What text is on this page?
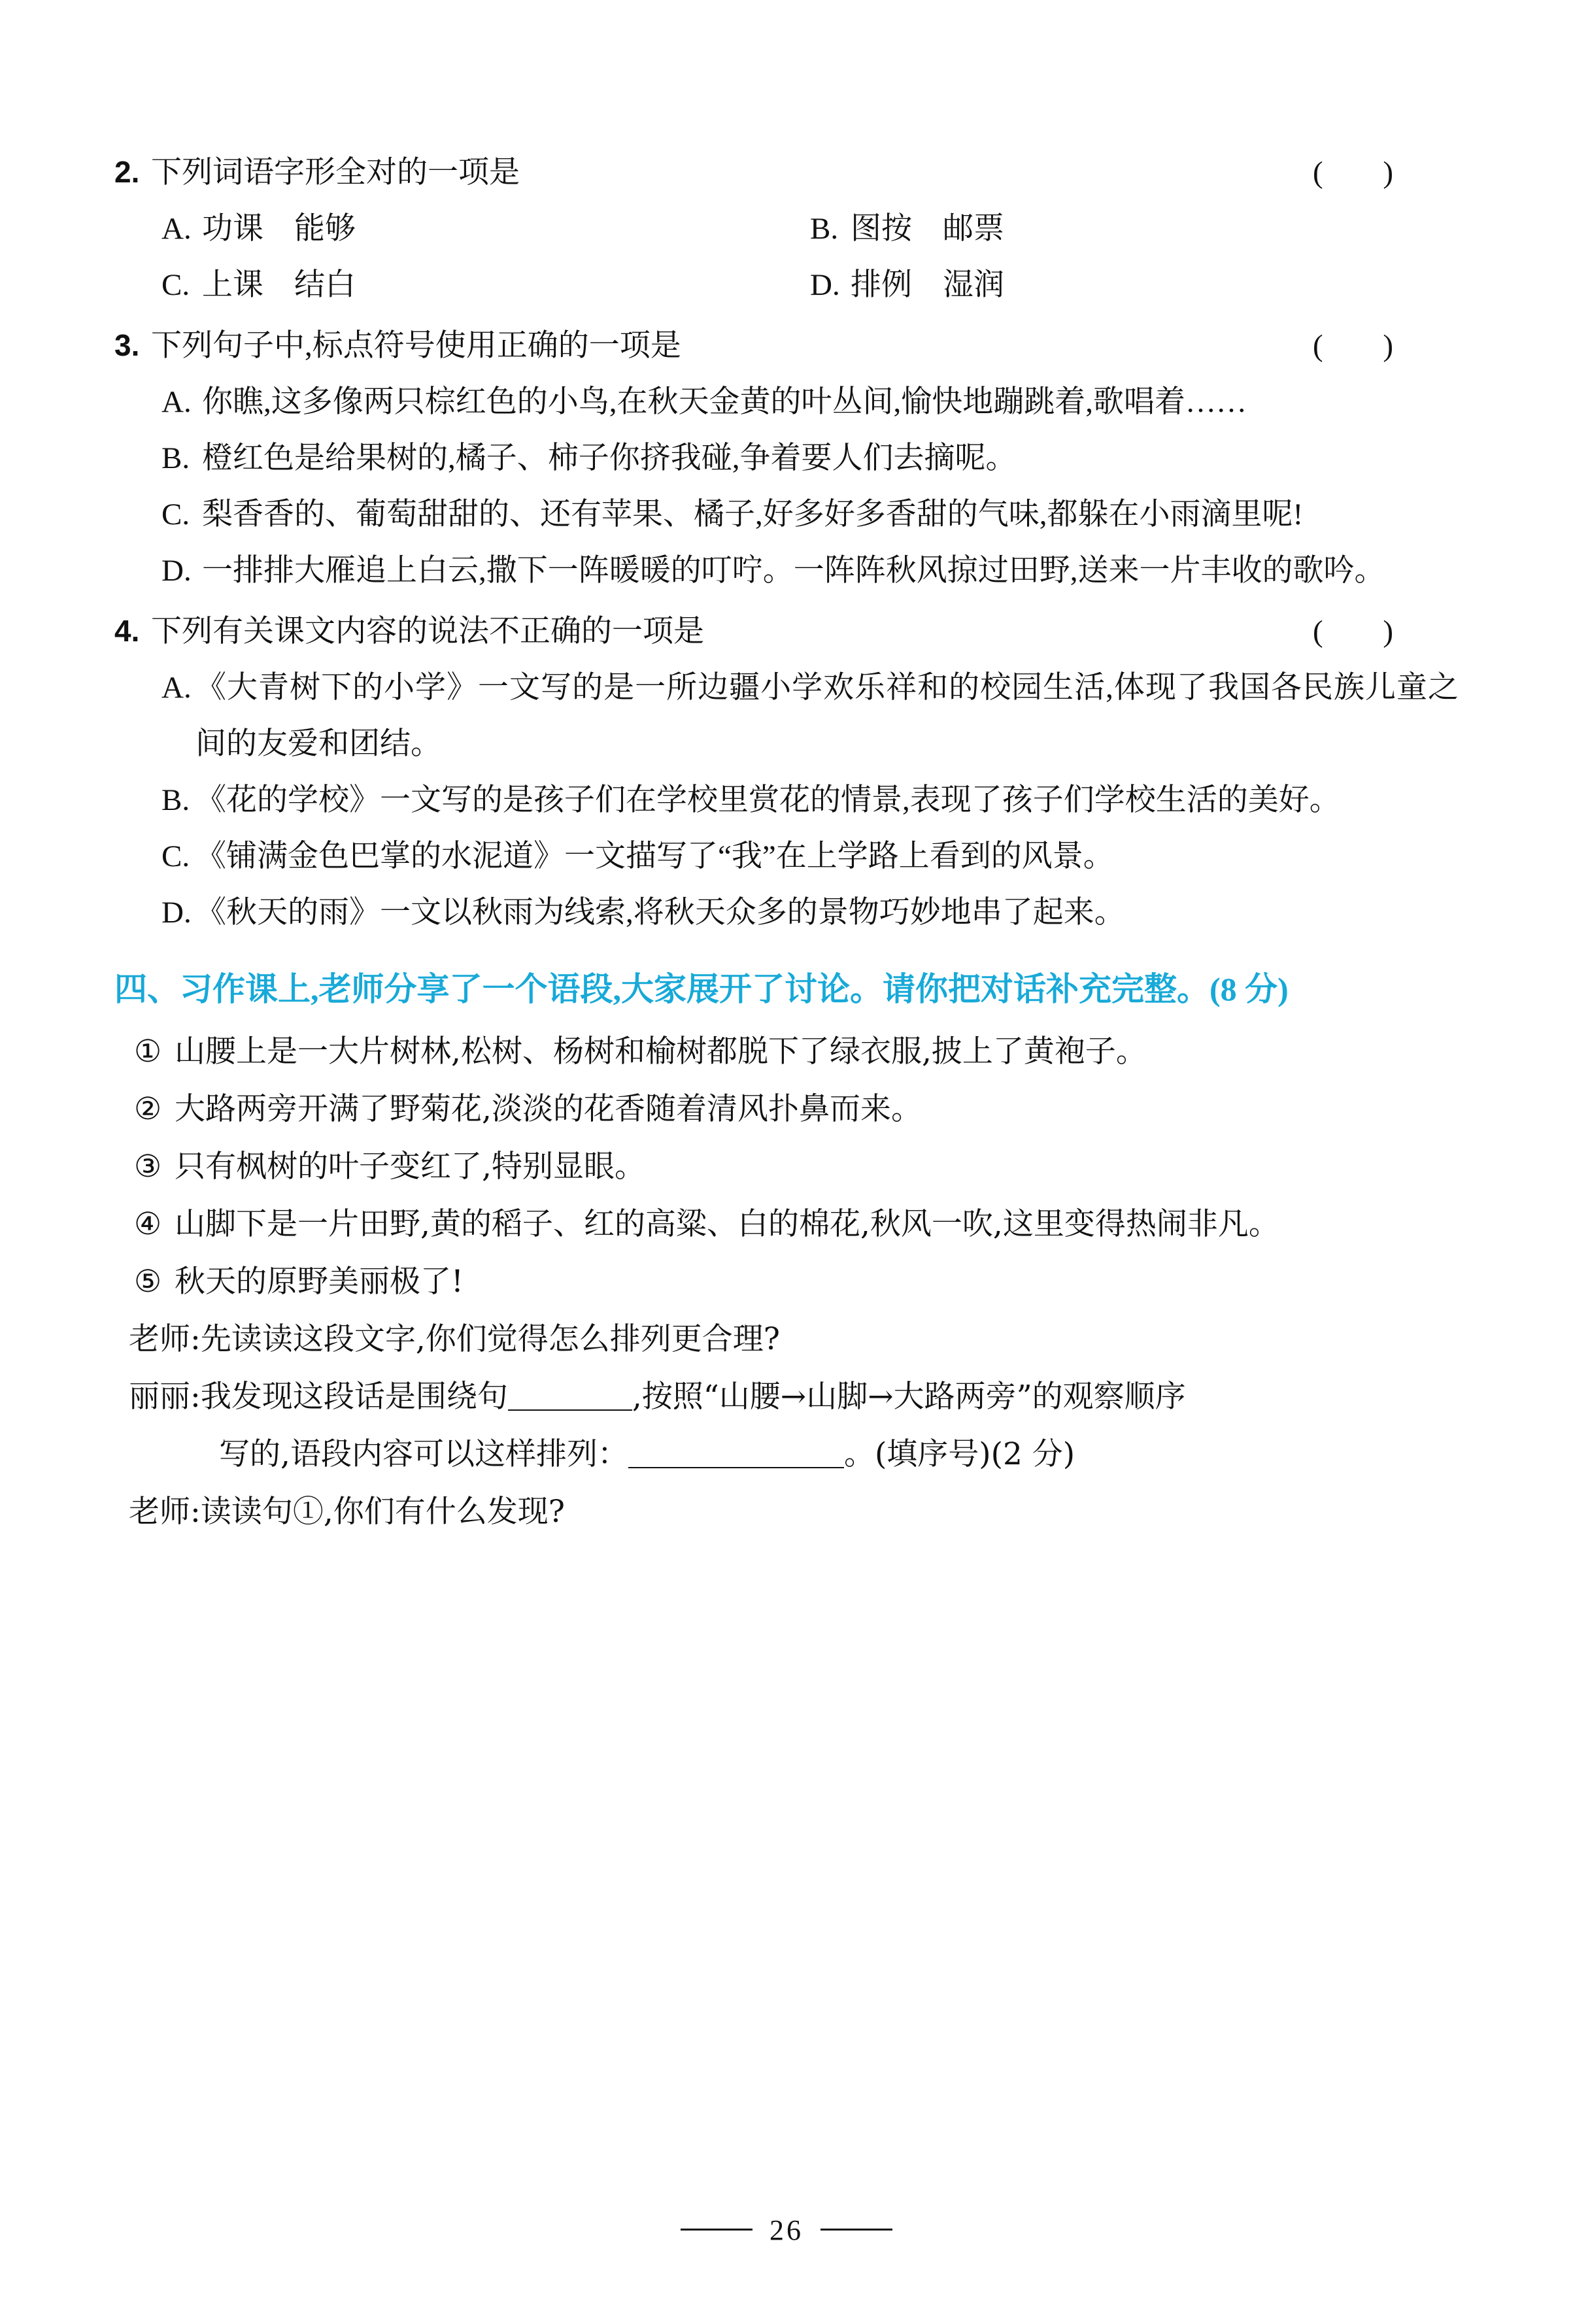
2. 下列词语字形全对的一项是	( )
A. 功课　能够	B. 图按　邮票
C. 上课　结白	D. 排例　湿润
3. 下列句子中,标点符号使用正确的一项是	( )
A. 你瞧,这多像两只棕红色的小鸟,在秋天金黄的叶丛间,愉快地蹦跳着,歌唱着……
B. 橙红色是给果树的,橘子、柿子你挤我碰,争着要人们去摘呢。
C. 梨香香的、葡萄甜甜的、还有苹果、橘子,好多好多香甜的气味,都躲在小雨滴里呢!
D. 一排排大雁追上白云,撒下一阵暖暖的叮咛。一阵阵秋风掠过田野,送来一片丰收的歌吟。
4. 下列有关课文内容的说法不正确的一项是	( )
A. 《大青树下的小学》一文写的是一所边疆小学欢乐祥和的校园生活,体现了我国各民族儿童之间的友爱和团结。
B. 《花的学校》一文写的是孩子们在学校里赏花的情景,表现了孩子们学校生活的美好。
C. 《铺满金色巴掌的水泥道》一文描写了“我”在上学路上看到的风景。
D. 《秋天的雨》一文以秋雨为线索,将秋天众多的景物巧妙地串了起来。
四、习作课上,老师分享了一个语段,大家展开了讨论。请你把对话补充完整。(8 分)
① 山腰上是一大片树林,松树、杨树和榆树都脱下了绿衣服,披上了黄袍子。
② 大路两旁开满了野菊花,淡淡的花香随着清风扑鼻而来。
③ 只有枫树的叶子变红了,特别显眼。
④ 山脚下是一片田野,黄的稻子、红的高粱、白的棉花,秋风一吹,这里变得热闹非凡。
⑤ 秋天的原野美丽极了!
老师: 先读读这段文字,你们觉得怎么排列更合理?
丽丽: 我发现这段话是围绕句	,按照“山腰→山脚→大路两旁”的观察顺序
写的,语段内容可以这样排列：	。(填序号)(2 分)
老师: 读读句①,你们有什么发现?
26
